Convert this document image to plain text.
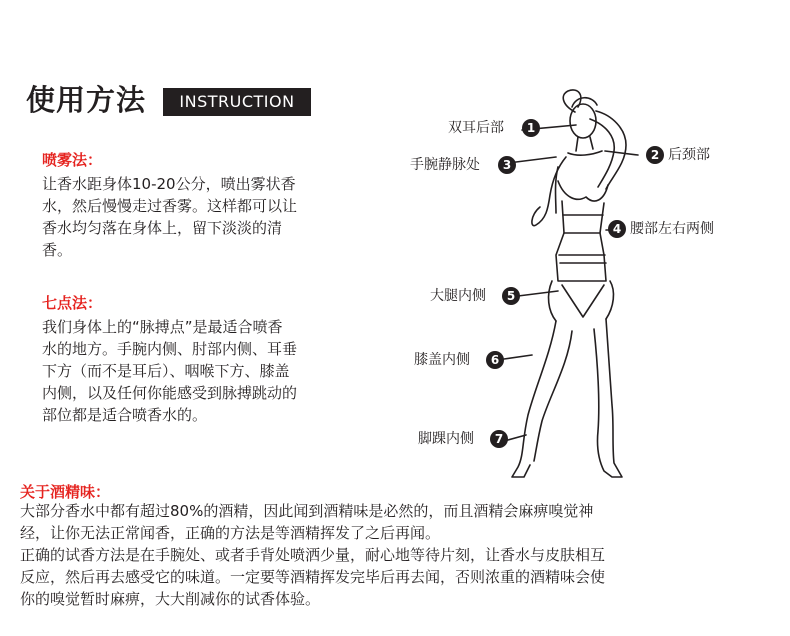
使用方法	INSTRUCTION
喷雾法：
让香水距身体10-20公分，喷出雾状香
水，然后慢慢走过香雾。这样都可以让
香水均匀落在身体上，留下淡淡的清
香。
七点法：
我们身体上的“脉搏点”是最适合喷香
水的地方。手腕内侧、肘部内侧、耳垂
下方（而不是耳后）、咽喉下方、膝盖
内侧，以及任何你能感受到脉搏跳动的
部位都是适合喷香水的。
关于酒精味：
大部分香水中都有超过80%的酒精，因此闻到酒精味是必然的，而且酒精会麻痹嗅觉神
经，让你无法正常闻香，正确的方法是等酒精挥发了之后再闻。
正确的试香方法是在手腕处、或者手背处喷洒少量，耐心地等待片刻，让香水与皮肤相互
反应，然后再去感受它的味道。一定要等酒精挥发完毕后再去闻，否则浓重的酒精味会使
你的嗅觉暂时麻痹，大大削减你的试香体验。
双耳后部	1
2 后颈部
手腕静脉处	3
4 腰部左右两侧
大腿内侧	5
膝盖内侧	6
脚踝内侧	7
